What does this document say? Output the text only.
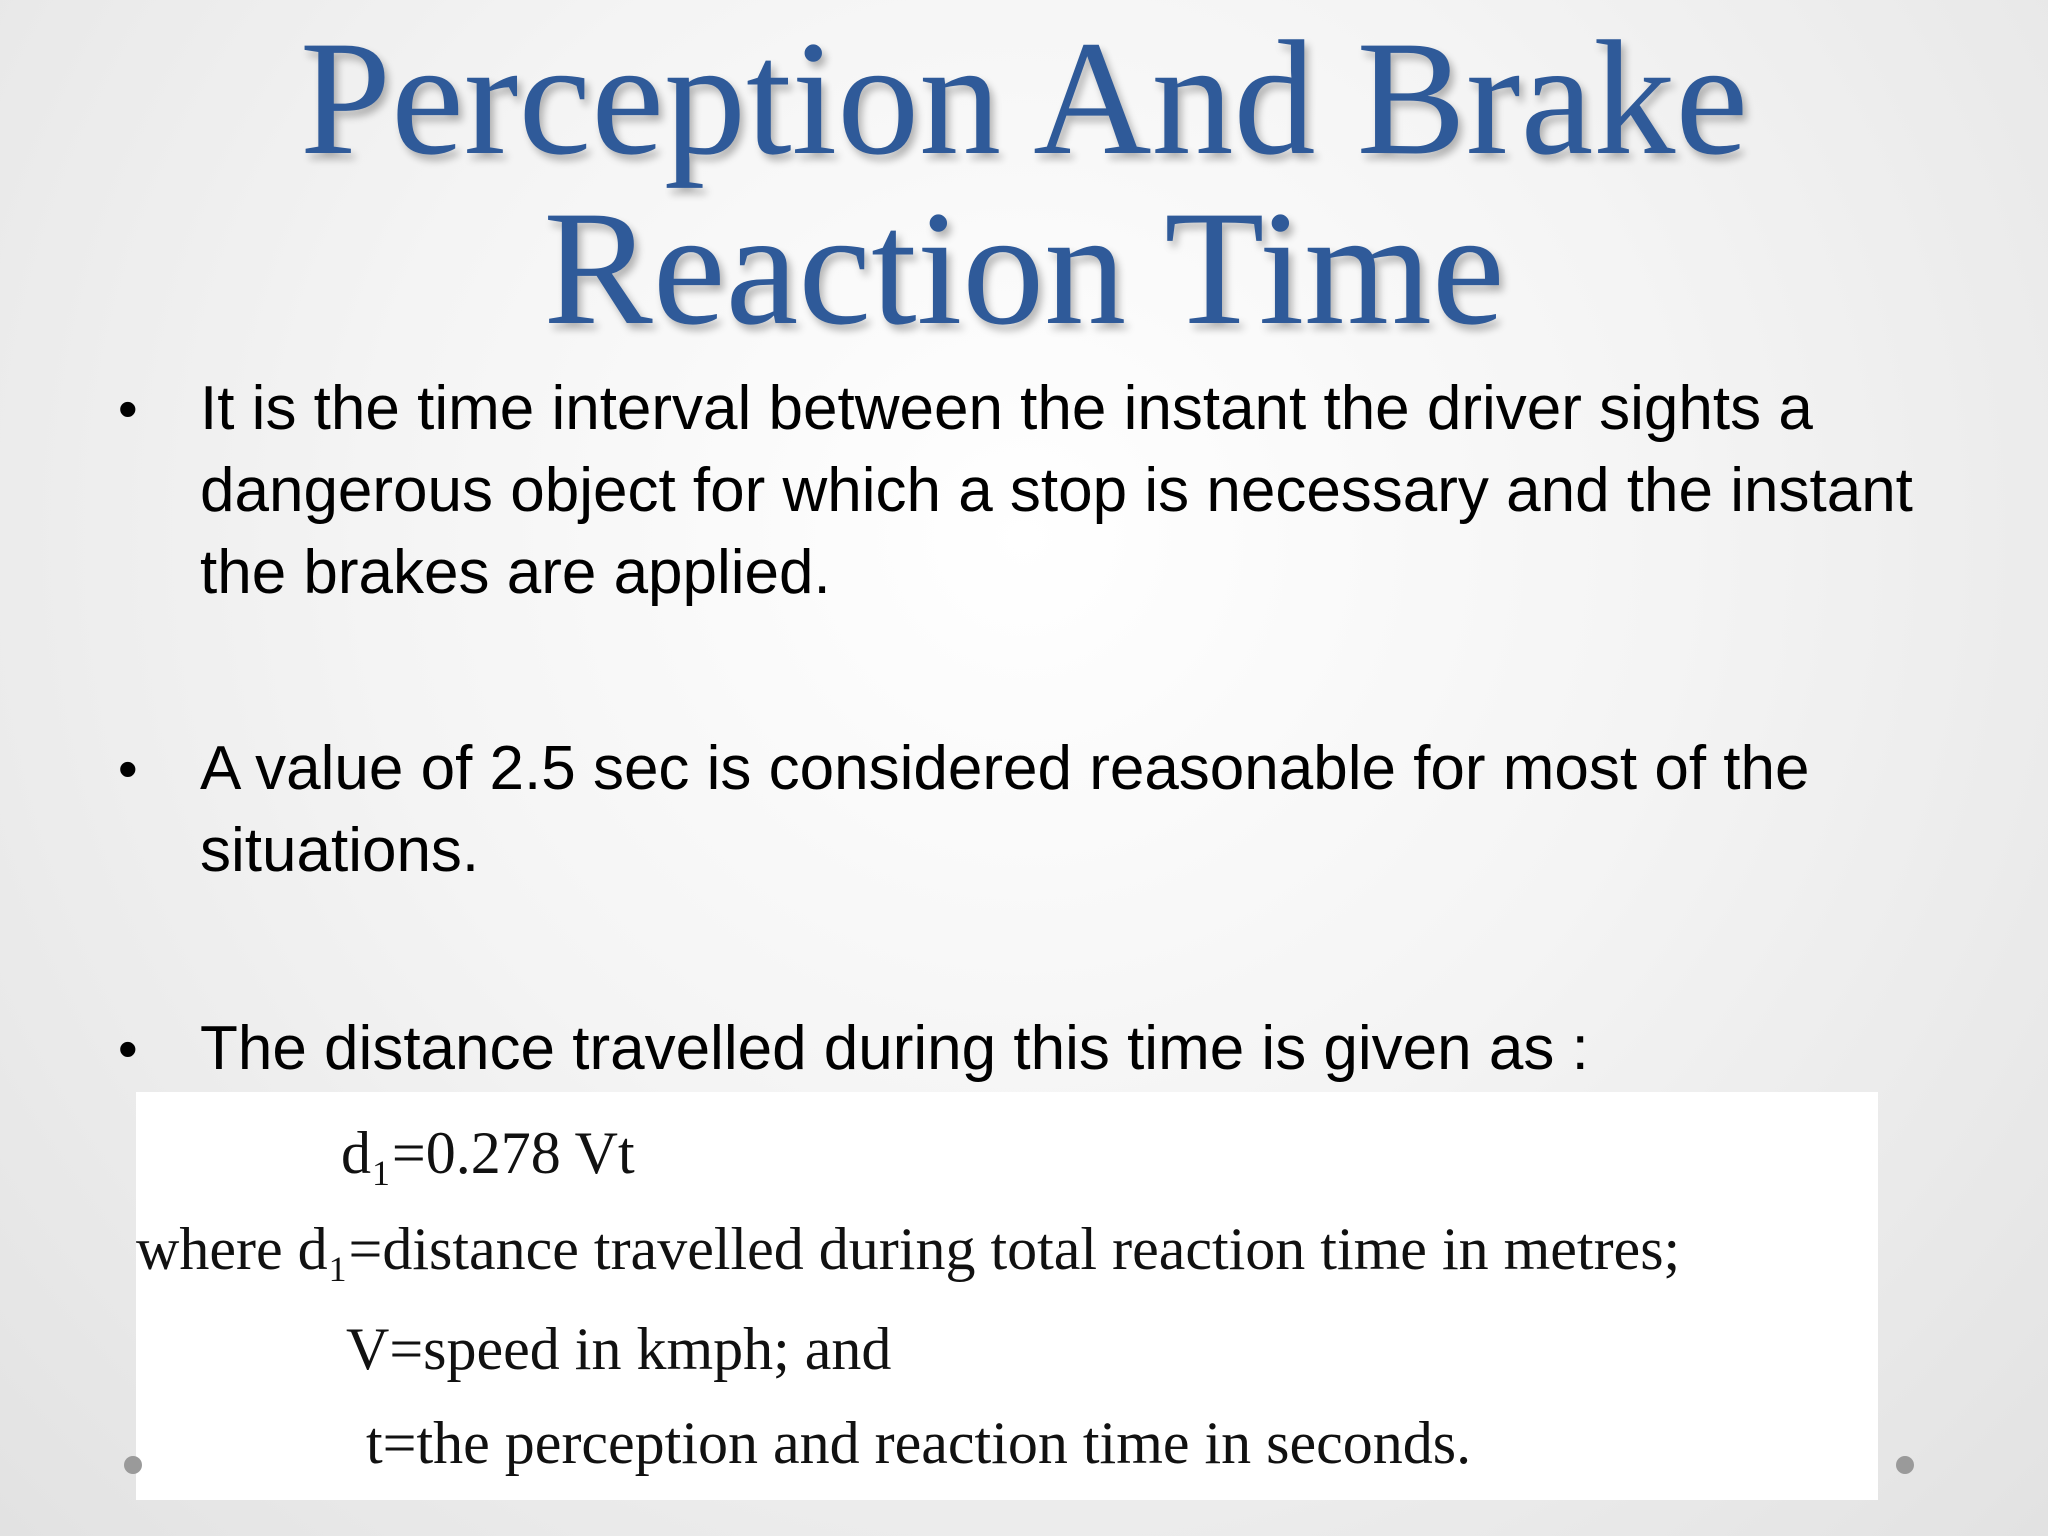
Perception And Brake
Reaction Time
• It is the time interval between the instant the driver sights a dangerous object for which a stop is necessary and the instant the brakes are applied.
• A value of 2.5 sec is considered reasonable for most of the situations.
• The distance travelled during this time is given as :
d₁=0.278 Vt
where d₁=distance travelled during total reaction time in metres;
V=speed in kmph; and
t=the perception and reaction time in seconds.
